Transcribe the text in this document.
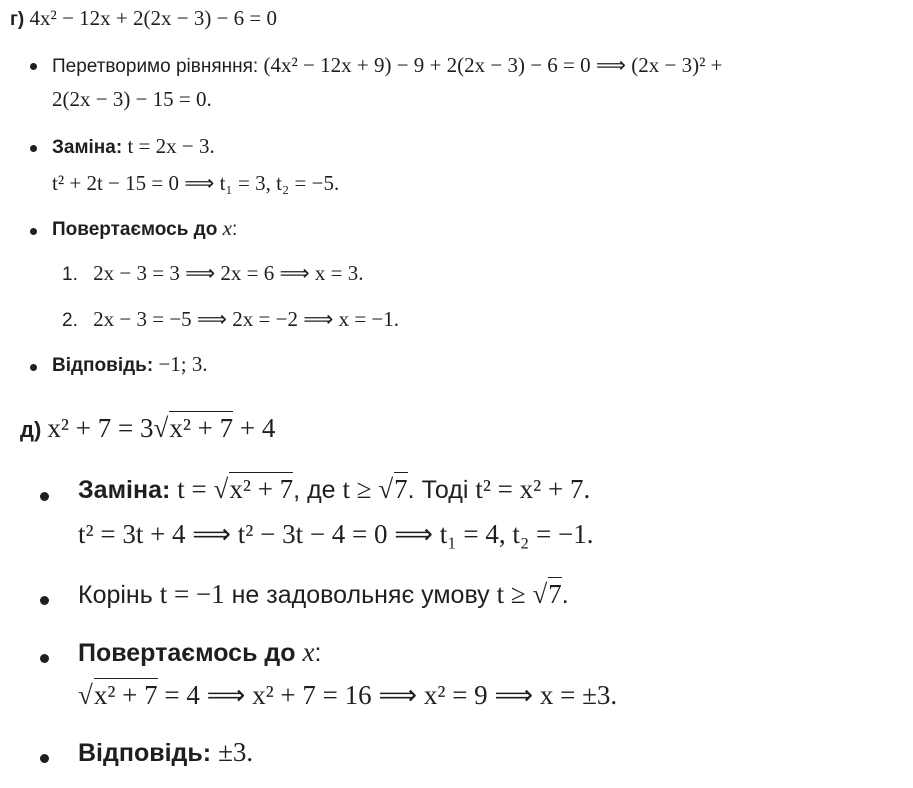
г) 4x² − 12x + 2(2x − 3) − 6 = 0
Перетворимо рівняння: (4x² − 12x + 9) − 9 + 2(2x − 3) − 6 = 0 ⟹ (2x − 3)² +
2(2x − 3) − 15 = 0.
Заміна: t = 2x − 3.
t² + 2t − 15 = 0 ⟹ t₁ = 3, t₂ = −5.
Повертаємось до x:
1. 2x − 3 = 3 ⟹ 2x = 6 ⟹ x = 3.
2. 2x − 3 = −5 ⟹ 2x = −2 ⟹ x = −1.
Відповідь: −1; 3.
д) x² + 7 = 3√x² + 7 + 4
Заміна: t = √x² + 7, де t ≥ √7. Тоді t² = x² + 7.
t² = 3t + 4 ⟹ t² − 3t − 4 = 0 ⟹ t₁ = 4, t₂ = −1.
Корінь t = −1 не задовольняє умову t ≥ √7.
Повертаємось до x:
√x² + 7 = 4 ⟹ x² + 7 = 16 ⟹ x² = 9 ⟹ x = ±3.
Відповідь: ±3.
